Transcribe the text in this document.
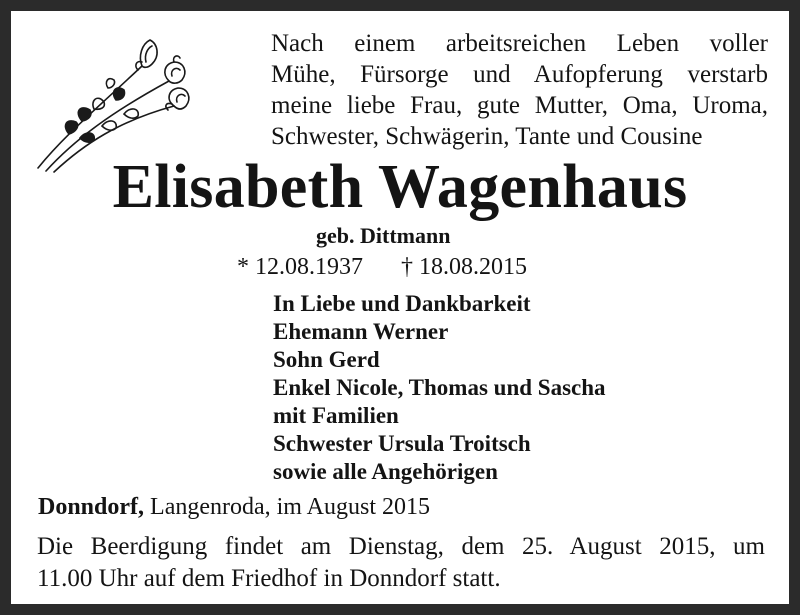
Nach einem arbeitsreichen Leben voller
Mühe, Fürsorge und Aufopferung verstarb
meine liebe Frau, gute Mutter, Oma, Uroma,
Schwester, Schwägerin, Tante und Cousine
Elisabeth Wagenhaus
geb. Dittmann
* 12.08.1937 † 18.08.2015
In Liebe und Dankbarkeit
Ehemann Werner
Sohn Gerd
Enkel Nicole, Thomas und Sascha
mit Familien
Schwester Ursula Troitsch
sowie alle Angehörigen
Donndorf, Langenroda, im August 2015
Die Beerdigung findet am Dienstag, dem 25. August 2015, um
11.00 Uhr auf dem Friedhof in Donndorf statt.
